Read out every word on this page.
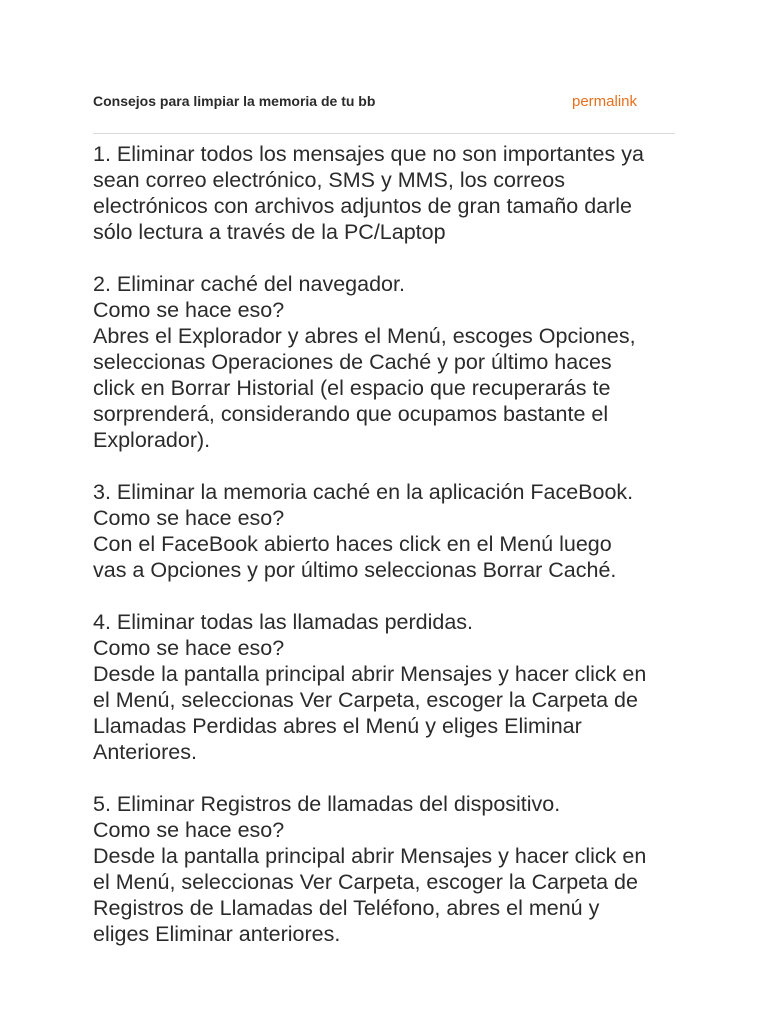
Consejos para limpiar la memoria de tu bb	permalink
1. Eliminar todos los mensajes que no son importantes ya
sean correo electrónico, SMS y MMS, los correos
electrónicos con archivos adjuntos de gran tamaño darle
sólo lectura a través de la PC/Laptop
2. Eliminar caché del navegador.
Como se hace eso?
Abres el Explorador y abres el Menú, escoges Opciones,
seleccionas Operaciones de Caché y por último haces
click en Borrar Historial (el espacio que recuperarás te
sorprenderá, considerando que ocupamos bastante el
Explorador).
3. Eliminar la memoria caché en la aplicación FaceBook.
Como se hace eso?
Con el FaceBook abierto haces click en el Menú luego
vas a Opciones y por último seleccionas Borrar Caché.
4. Eliminar todas las llamadas perdidas.
Como se hace eso?
Desde la pantalla principal abrir Mensajes y hacer click en
el Menú, seleccionas Ver Carpeta, escoger la Carpeta de
Llamadas Perdidas abres el Menú y eliges Eliminar
Anteriores.
5. Eliminar Registros de llamadas del dispositivo.
Como se hace eso?
Desde la pantalla principal abrir Mensajes y hacer click en
el Menú, seleccionas Ver Carpeta, escoger la Carpeta de
Registros de Llamadas del Teléfono, abres el menú y
eliges Eliminar anteriores.
